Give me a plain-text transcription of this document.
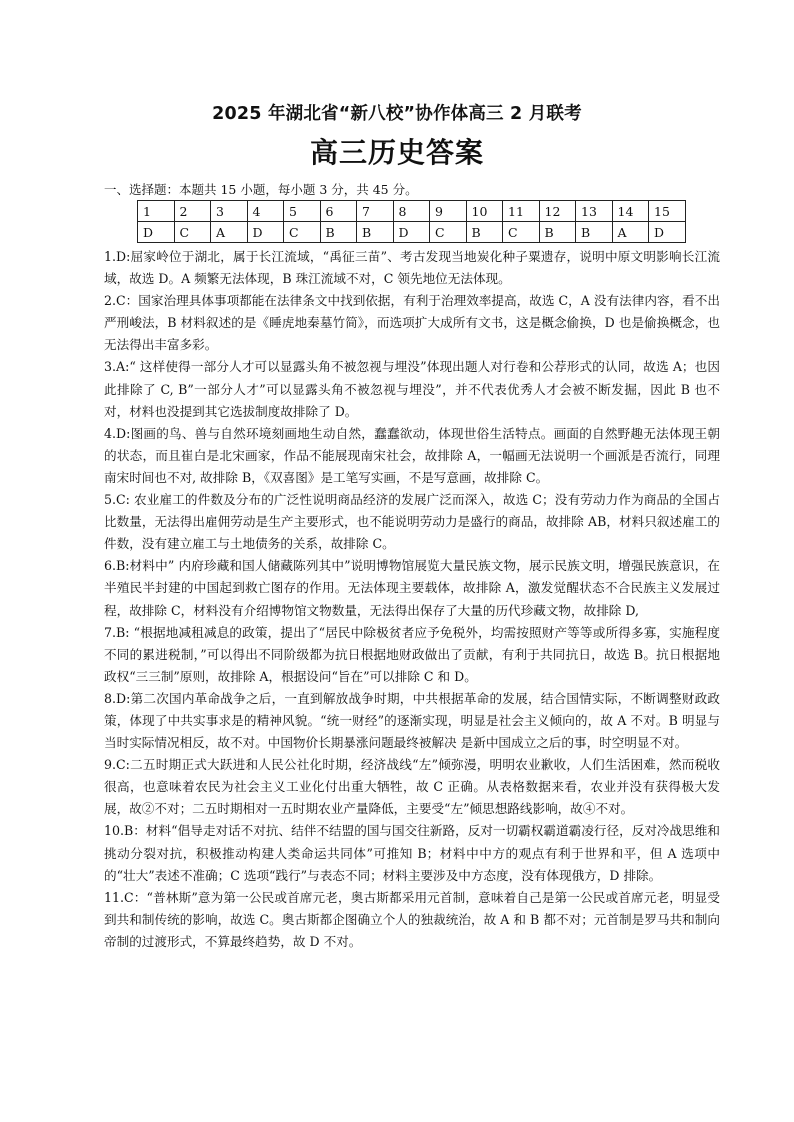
2025 年湖北省“新八校”协作体高三 2 月联考
高三历史答案
一、选择题：本题共 15 小题，每小题 3 分，共 45 分。
1	2	3	4	5	6	7	8	9	10	11	12	13	14	15
D	C	A	D	C	B	B	D	C	B	C	B	B	A	D

1.D:屈家岭位于湖北，属于长江流域，“禹征三苗”、考古发现当地炭化种子粟遗存，说明中原文明影响长江流域，故选 D。A 频繁无法体现，B 珠江流域不对，C 领先地位无法体现。

2.C：国家治理具体事项都能在法律条文中找到依据，有利于治理效率提高，故选 C，A 没有法律内容，看不出严刑峻法，B 材料叙述的是《睡虎地秦墓竹简》，而选项扩大成所有文书，这是概念偷换，D 也是偷换概念，也无法得出丰富多彩。

3.A:“ 这样使得一部分人才可以显露头角不被忽视与埋没”体现出题人对行卷和公荐形式的认同，故选 A；也因此排除了 C, B”一部分人才”可以显露头角不被忽视与埋没”，并不代表优秀人才会被不断发掘，因此 B 也不对，材料也没提到其它选拔制度故排除了 D。

4.D:图画的鸟、兽与自然环境刻画地生动自然，蠢蠢欲动，体现世俗生活特点。画面的自然野趣无法体现王朝的状态，而且崔白是北宋画家，作品不能展现南宋社会，故排除 A，一幅画无法说明一个画派是否流行，同理南宋时间也不对, 故排除 B，《双喜图》是工笔写实画，不是写意画，故排除 C。

5.C: 农业雇工的件数及分布的广泛性说明商品经济的发展广泛而深入，故选 C；没有劳动力作为商品的全国占比数量，无法得出雇佣劳动是生产主要形式，也不能说明劳动力是盛行的商品，故排除 AB，材料只叙述雇工的件数，没有建立雇工与土地债务的关系，故排除 C。

6.B:材料中” 内府珍藏和国人储藏陈列其中”说明博物馆展览大量民族文物，展示民族文明，增强民族意识，在半殖民半封建的中国起到救亡图存的作用。无法体现主要载体，故排除 A，激发觉醒状态不合民族主义发展过程，故排除 C，材料没有介绍博物馆文物数量，无法得出保存了大量的历代珍藏文物，故排除 D,

7.B: “根据地减租减息的政策，提出了“居民中除极贫者应予免税外，均需按照财产等等或所得多寡，实施程度不同的累进税制，”可以得出不同阶级都为抗日根据地财政做出了贡献，有利于共同抗日，故选 B。抗日根据地政权“三三制”原则，故排除 A，根据设问“旨在”可以排除 C 和 D。

8.D:第二次国内革命战争之后，一直到解放战争时期，中共根据革命的发展，结合国情实际，不断调整财政政策，体现了中共实事求是的精神风貌。“统一财经”的逐渐实现，明显是社会主义倾向的，故 A 不对。B 明显与当时实际情况相反，故不对。中国物价长期暴涨问题最终被解决 是新中国成立之后的事，时空明显不对。

9.C:二五时期正式大跃进和人民公社化时期，经济战线“左”倾弥漫，明明农业歉收，人们生活困难，然而税收很高，也意味着农民为社会主义工业化付出重大牺牲，故 C 正确。从表格数据来看，农业并没有获得极大发展，故②不对；二五时期相对一五时期农业产量降低，主要受“左”倾思想路线影响，故④不对。

10.B：材料“倡导走对话不对抗、结伴不结盟的国与国交往新路，反对一切霸权霸道霸凌行径，反对冷战思维和挑动分裂对抗，积极推动构建人类命运共同体”可推知 B；材料中中方的观点有利于世界和平，但 A 选项中的“壮大”表述不准确；C 选项“践行”与表态不同；材料主要涉及中方态度，没有体现俄方，D 排除。

11.C：“普林斯”意为第一公民或首席元老，奥古斯都采用元首制，意味着自己是第一公民或首席元老，明显受到共和制传统的影响，故选 C。奥古斯都企图确立个人的独裁统治，故 A 和 B 都不对；元首制是罗马共和制向帝制的过渡形式，不算最终趋势，故 D 不对。
